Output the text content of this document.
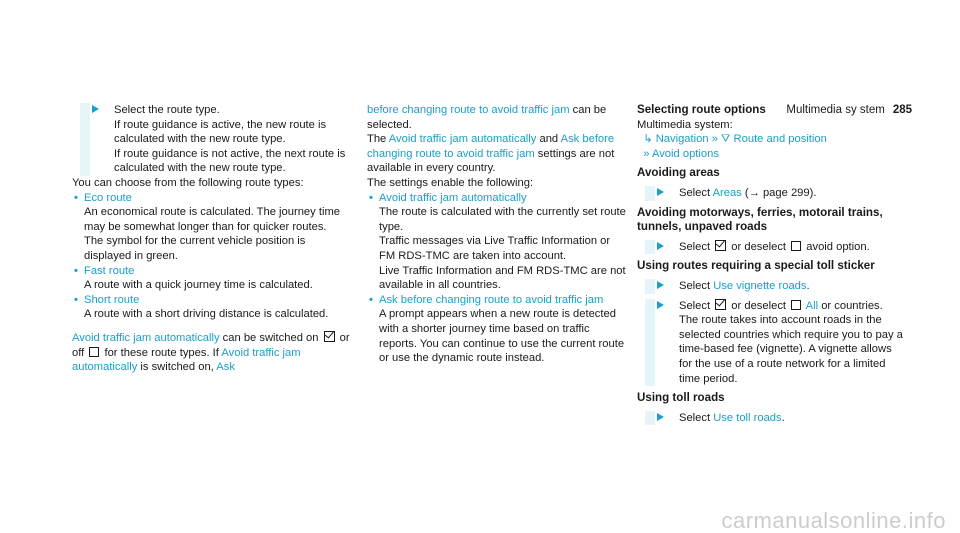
Multimedia sy stem 285

Select the route type.

If route guidance is active, the new route is calculated with the new route type.

If route guidance is not active, the next route is calculated with the new route type.

You can choose from the following route types:

• Eco route

An economical route is calculated. The journey time may be somewhat longer than for quicker routes.

The symbol for the current vehicle position is displayed in green.

• Fast route

A route with a quick journey time is calculated.

• Short route

A route with a short driving distance is calculated.

Avoid traffic jam automatically can be switched on  or off  for these route types. If Avoid traffic jam automatically is switched on, Ask

before changing route to avoid traffic jam can be selected.

The Avoid traffic jam automatically and Ask before changing route to avoid traffic jam settings are not available in every country.

The settings enable the following:

• Avoid traffic jam automatically

The route is calculated with the currently set route type.

Traffic messages via Live Traffic Information or FM RDS-TMC are taken into account.

Live Traffic Information and FM RDS-TMC are not available in all countries.

• Ask before changing route to avoid traffic jam

A prompt appears when a new route is detected with a shorter journey time based on traffic reports. You can continue to use the current route or use the dynamic route instead.

Selecting route options

Multimedia system:

↳ Navigation » ⛛ Route and position

» Avoid options

Avoiding areas

Select Areas (→ page 299).

Avoiding motorways, ferries, motorail trains, tunnels, unpaved roads

Select  or deselect  avoid option.

Using routes requiring a special toll sticker

Select Use vignette roads.

Select  or deselect  All or countries.

The route takes into account roads in the selected countries which require you to pay a time-based fee (vignette). A vignette allows for the use of a route network for a limited time period.

Using toll roads

Select Use toll roads.

carmanualsonline.info
